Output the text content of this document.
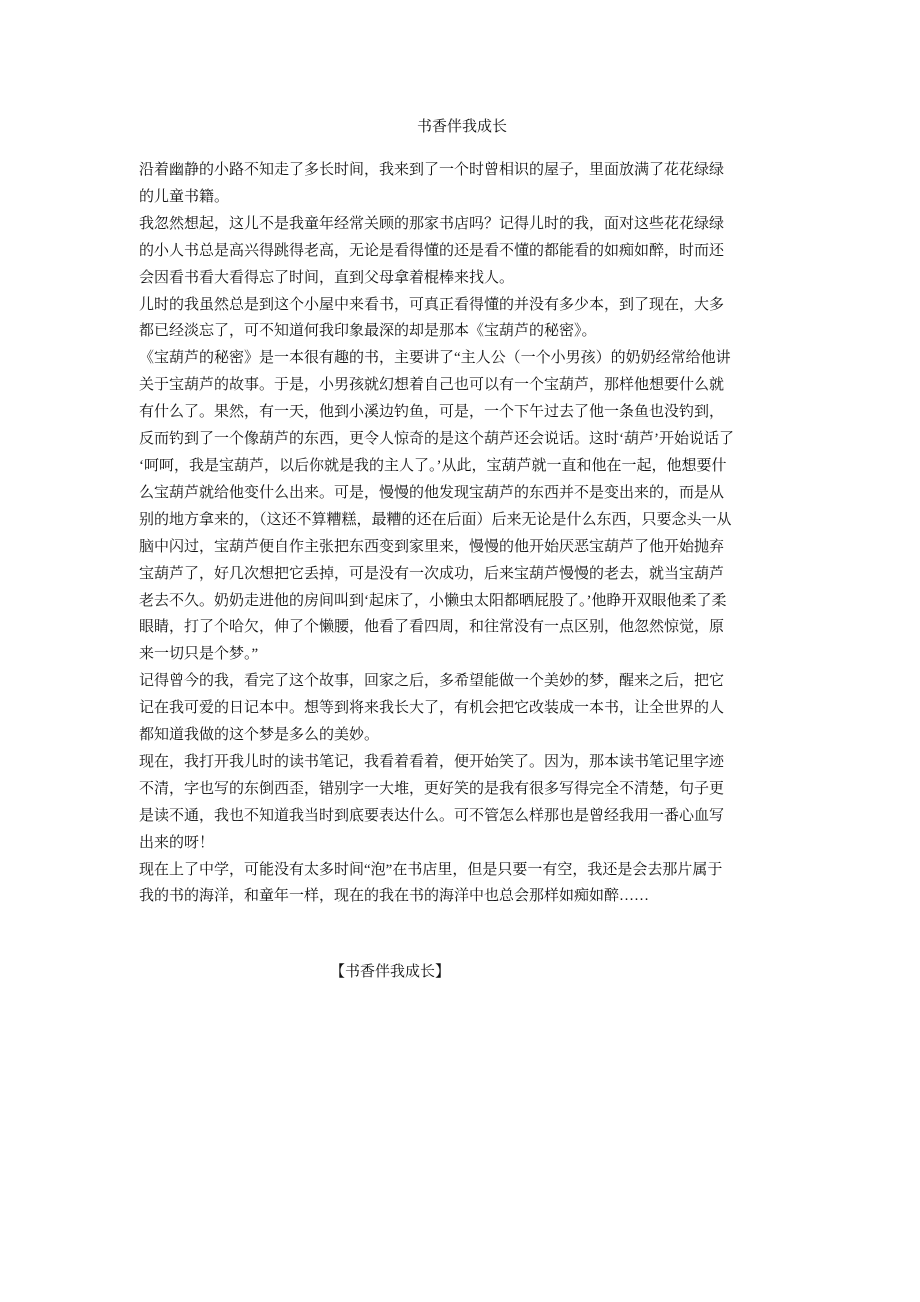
书香伴我成长
沿着幽静的小路不知走了多长时间，我来到了一个时曾相识的屋子，里面放满了花花绿绿
的儿童书籍。
我忽然想起，这儿不是我童年经常关顾的那家书店吗？记得儿时的我，面对这些花花绿绿
的小人书总是高兴得跳得老高，无论是看得懂的还是看不懂的都能看的如痴如醉，时而还
会因看书看大看得忘了时间，直到父母拿着棍棒来找人。
儿时的我虽然总是到这个小屋中来看书，可真正看得懂的并没有多少本，到了现在，大多
都已经淡忘了，可不知道何我印象最深的却是那本《宝葫芦的秘密》。
《宝葫芦的秘密》是一本很有趣的书，主要讲了“主人公（一个小男孩）的奶奶经常给他讲
关于宝葫芦的故事。于是，小男孩就幻想着自己也可以有一个宝葫芦，那样他想要什么就
有什么了。果然，有一天，他到小溪边钓鱼，可是，一个下午过去了他一条鱼也没钓到，
反而钓到了一个像葫芦的东西，更令人惊奇的是这个葫芦还会说话。这时‘葫芦’开始说话了
‘呵呵，我是宝葫芦，以后你就是我的主人了。’从此，宝葫芦就一直和他在一起，他想要什
么宝葫芦就给他变什么出来。可是，慢慢的他发现宝葫芦的东西并不是变出来的，而是从
别的地方拿来的，（这还不算糟糕，最糟的还在后面）后来无论是什么东西，只要念头一从
脑中闪过，宝葫芦便自作主张把东西变到家里来，慢慢的他开始厌恶宝葫芦了他开始抛弃
宝葫芦了，好几次想把它丢掉，可是没有一次成功，后来宝葫芦慢慢的老去，就当宝葫芦
老去不久。奶奶走进他的房间叫到‘起床了，小懒虫太阳都晒屁股了。’他睁开双眼他柔了柔
眼睛，打了个哈欠，伸了个懒腰，他看了看四周，和往常没有一点区别，他忽然惊觉，原
来一切只是个梦。”
记得曾今的我，看完了这个故事，回家之后，多希望能做一个美妙的梦，醒来之后，把它
记在我可爱的日记本中。想等到将来我长大了，有机会把它改装成一本书，让全世界的人
都知道我做的这个梦是多么的美妙。
现在，我打开我儿时的读书笔记，我看着看着，便开始笑了。因为，那本读书笔记里字迹
不清，字也写的东倒西歪，错别字一大堆，更好笑的是我有很多写得完全不清楚，句子更
是读不通，我也不知道我当时到底要表达什么。可不管怎么样那也是曾经我用一番心血写
出来的呀！
现在上了中学，可能没有太多时间“泡”在书店里，但是只要一有空，我还是会去那片属于
我的书的海洋，和童年一样，现在的我在书的海洋中也总会那样如痴如醉……
【书香伴我成长】
